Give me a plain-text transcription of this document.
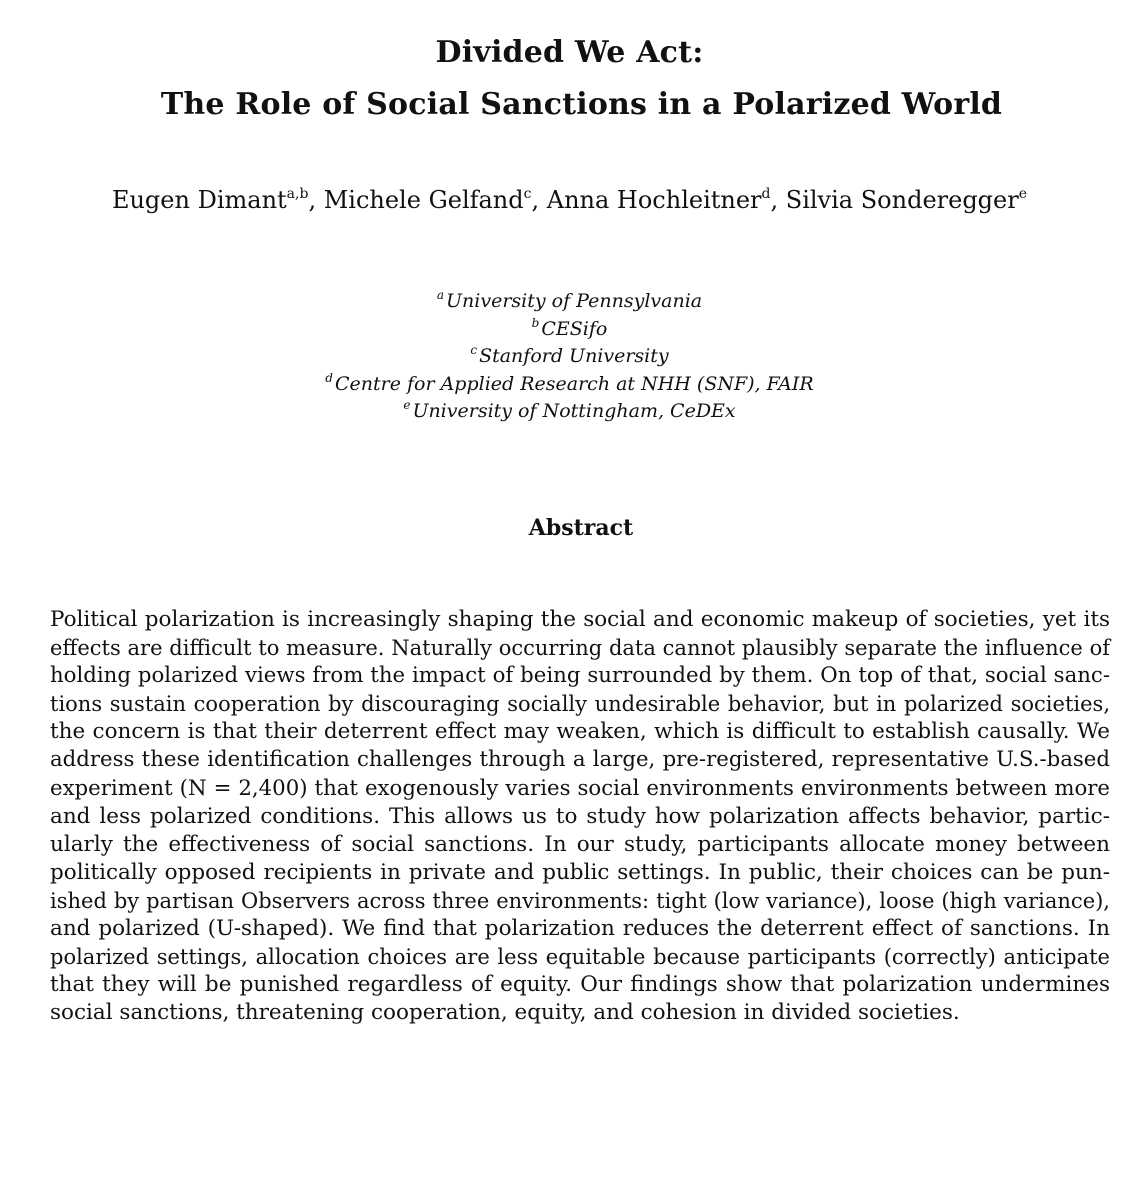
Divided We Act:
The Role of Social Sanctions in a Polarized World
Eugen Dimant$^{a,b}$, Michele Gelfand$^c$, Anna Hochleitner$^d$, Silvia Sonderegger$^e$
$^a$ University of Pennsylvania
$^b$ CESifo
$^c$ Stanford University
$^d$ Centre for Applied Research at NHH (SNF), FAIR
$^e$ University of Nottingham, CeDEx
Abstract
Political polarization is increasingly shaping the social and economic makeup of societies, yet its
effects are difficult to measure. Naturally occurring data cannot plausibly separate the influence of
holding polarized views from the impact of being surrounded by them. On top of that, social sanc-
tions sustain cooperation by discouraging socially undesirable behavior, but in polarized societies,
the concern is that their deterrent effect may weaken, which is difficult to establish causally. We
address these identification challenges through a large, pre-registered, representative U.S.-based
experiment (N = 2,400) that exogenously varies social environments environments between more
and less polarized conditions. This allows us to study how polarization affects behavior, partic-
ularly the effectiveness of social sanctions. In our study, participants allocate money between
politically opposed recipients in private and public settings. In public, their choices can be pun-
ished by partisan Observers across three environments: tight (low variance), loose (high variance),
and polarized (U-shaped). We find that polarization reduces the deterrent effect of sanctions. In
polarized settings, allocation choices are less equitable because participants (correctly) anticipate
that they will be punished regardless of equity. Our findings show that polarization undermines
social sanctions, threatening cooperation, equity, and cohesion in divided societies.
